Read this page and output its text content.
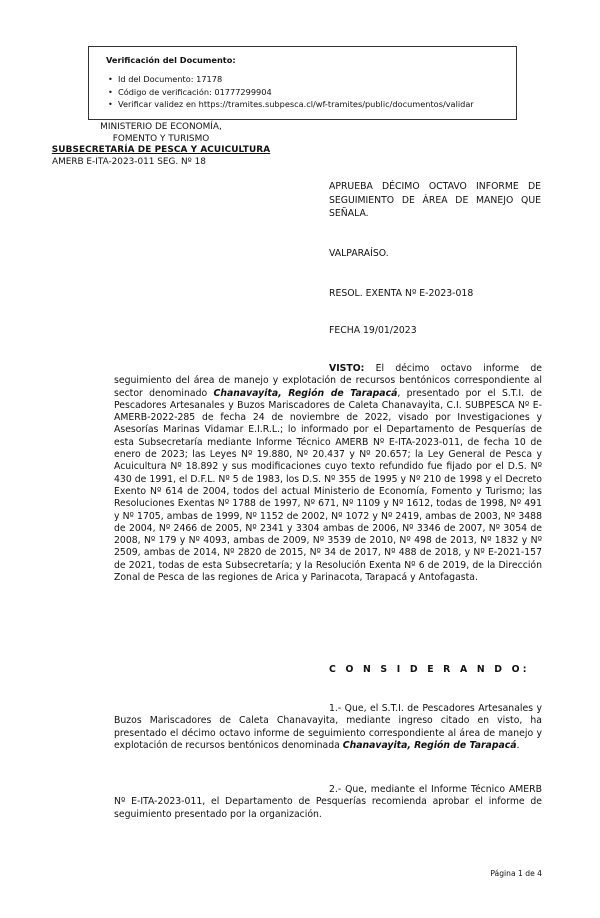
Verificación del Documento:
• Id del Documento: 17178
• Código de verificación: 01777299904
• Verificar validez en https://tramites.subpesca.cl/wf-tramites/public/documentos/validar
MINISTERIO DE ECONOMÍA,
FOMENTO Y TURISMO
SUBSECRETARÍA DE PESCA Y ACUICULTURA
AMERB E-ITA-2023-011 SEG. Nº 18
APRUEBA DÉCIMO OCTAVO INFORME DE SEGUIMIENTO DE ÁREA DE MANEJO QUE SEÑALA.
VALPARAÍSO.
RESOL. EXENTA Nº E-2023-018
FECHA 19/01/2023
VISTO: El décimo octavo informe de seguimiento del área de manejo y explotación de recursos bentónicos correspondiente al sector denominado Chanavayita, Región de Tarapacá, presentado por el S.T.I. de Pescadores Artesanales y Buzos Mariscadores de Caleta Chanavayita, C.I. SUBPESCA Nº E-AMERB-2022-285 de fecha 24 de noviembre de 2022, visado por Investigaciones y Asesorías Marinas Vidamar E.I.R.L.; lo informado por el Departamento de Pesquerías de esta Subsecretaría mediante Informe Técnico AMERB Nº E-ITA-2023-011, de fecha 10 de enero de 2023; las Leyes Nº 19.880, Nº 20.437 y Nº 20.657; la Ley General de Pesca y Acuicultura Nº 18.892 y sus modificaciones cuyo texto refundido fue fijado por el D.S. Nº 430 de 1991, el D.F.L. Nº 5 de 1983, los D.S. Nº 355 de 1995 y Nº 210 de 1998 y el Decreto Exento Nº 614 de 2004, todos del actual Ministerio de Economía, Fomento y Turismo; las Resoluciones Exentas Nº 1788 de 1997, Nº 671, Nº 1109 y Nº 1612, todas de 1998, Nº 491 y Nº 1705, ambas de 1999, Nº 1152 de 2002, Nº 1072 y Nº 2419, ambas de 2003, Nº 3488 de 2004, Nº 2466 de 2005, Nº 2341 y 3304 ambas de 2006, Nº 3346 de 2007, Nº 3054 de 2008, Nº 179 y Nº 4093, ambas de 2009, Nº 3539 de 2010, Nº 498 de 2013, Nº 1832 y Nº 2509, ambas de 2014, Nº 2820 de 2015, Nº 34 de 2017, Nº 488 de 2018, y Nº E-2021-157 de 2021, todas de esta Subsecretaría; y la Resolución Exenta Nº 6 de 2019, de la Dirección Zonal de Pesca de las regiones de Arica y Parinacota, Tarapacá y Antofagasta.
C O N S I D E R A N D O:
1.- Que, el S.T.I. de Pescadores Artesanales y Buzos Mariscadores de Caleta Chanavayita, mediante ingreso citado en visto, ha presentado el décimo octavo informe de seguimiento correspondiente al área de manejo y explotación de recursos bentónicos denominada Chanavayita, Región de Tarapacá.
2.- Que, mediante el Informe Técnico AMERB Nº E-ITA-2023-011, el Departamento de Pesquerías recomienda aprobar el informe de seguimiento presentado por la organización.
Página 1 de 4
